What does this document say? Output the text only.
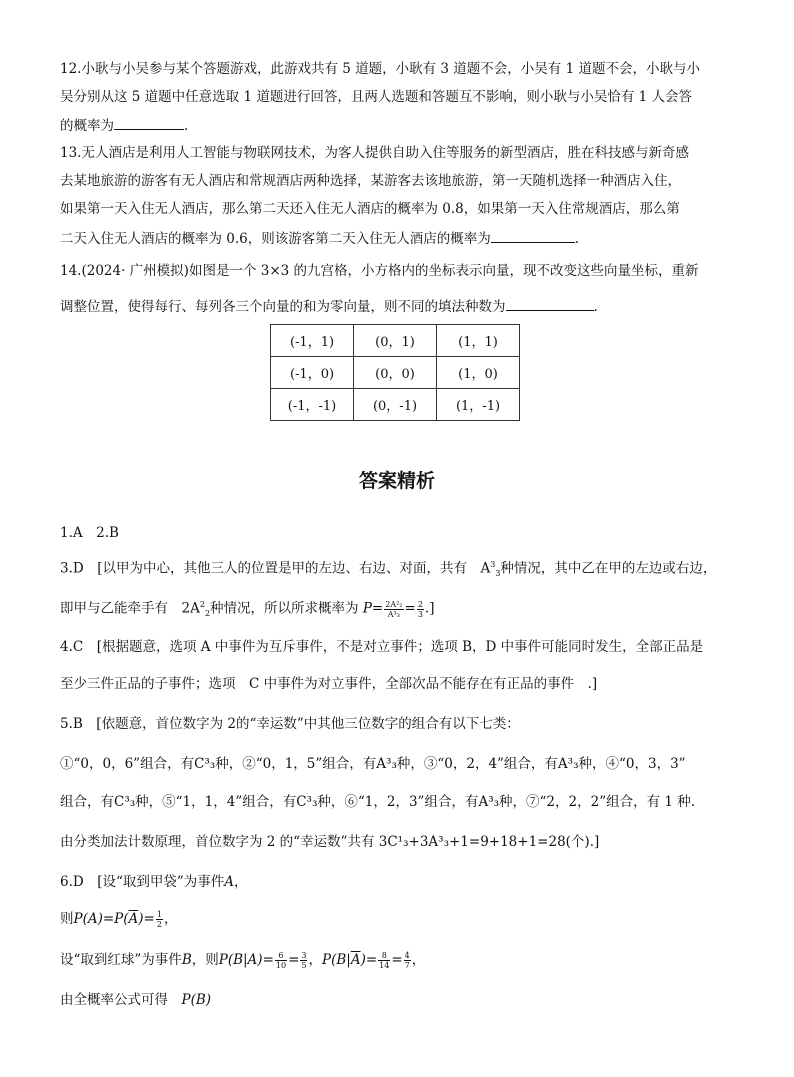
12.小耿与小吴参与某个答题游戏，此游戏共有 5 道题，小耿有 3 道题不会，小吴有 1 道题不会，小耿与小
吴分别从这 5 道题中任意选取 1 道题进行回答，且两人选题和答题互不影响，则小耿与小吴恰有 1 人会答
的概率为	.
13.无人酒店是利用人工智能与物联网技术，为客人提供自助入住等服务的新型酒店，胜在科技感与新奇感
去某地旅游的游客有无人酒店和常规酒店两种选择，某游客去该地旅游，第一天随机选择一种酒店入住，
如果第一天入住无人酒店，那么第二天还入住无人酒店的概率为 0.8，如果第一天入住常规酒店，那么第
二天入住无人酒店的概率为 0.6，则该游客第二天入住无人酒店的概率为	.
14.(2024· 广州模拟)如图是一个 3×3 的九宫格，小方格内的坐标表示向量，现不改变这些向量坐标，重新
调整位置，使得每行、每列各三个向量的和为零向量，则不同的填法种数为	.
(-1，1)	(0，1)	(1，1)
(-1，0)	(0，0)	(1，0)
(-1，-1)	(0，-1)	(1，-1)
答案精析
1.A　2.B
3.D　[以甲为中心，其他三人的位置是甲的左边、右边、对面，共有　$A^3_3$种情况，其中乙在甲的左边或右边，
即甲与乙能牵手有　$2A^2_2$种情况，所以所求概率为 $P= \frac{\text{2A²₂}}{\text{A³₃}} = \frac{2}{3}$ .]
4.C　[根据题意，选项 A 中事件为互斥事件，不是对立事件；选项 B，D 中事件可能同时发生，全部正品是
至少三件正品的子事件；选项　C 中事件为对立事件，全部次品不能存在有正品的事件　.]
5.B　[依题意，首位数字为 2的“幸运数”中其他三位数字的组合有以下七类：
①“0，0，6”组合，有C³₃种，②“0，1，5”组合，有A³₃种，③“0，2，4”组合，有A³₃种，④“0，3，3”
组合，有C³₃种，⑤“1，1，4”组合，有C³₃种，⑥“1，2，3”组合，有A³₃种，⑦“2，2，2”组合，有 1 种.
由分类加法计数原理，首位数字为 2 的“幸运数”共有 3C¹₃+3A³₃+1=9+18+1=28(个).]
6.D　[设“取到甲袋”为事件A，
则$P(A)=P(\overline{A})= \frac{1}{2}$ ，
设“取到红球”为事件B，则$P(B|A)= \frac{6}{10} = \frac{3}{5}$ ，$P(B|\overline{A})= \frac{8}{14} = \frac{4}{7}$ ，
由全概率公式可得　 P(B)
